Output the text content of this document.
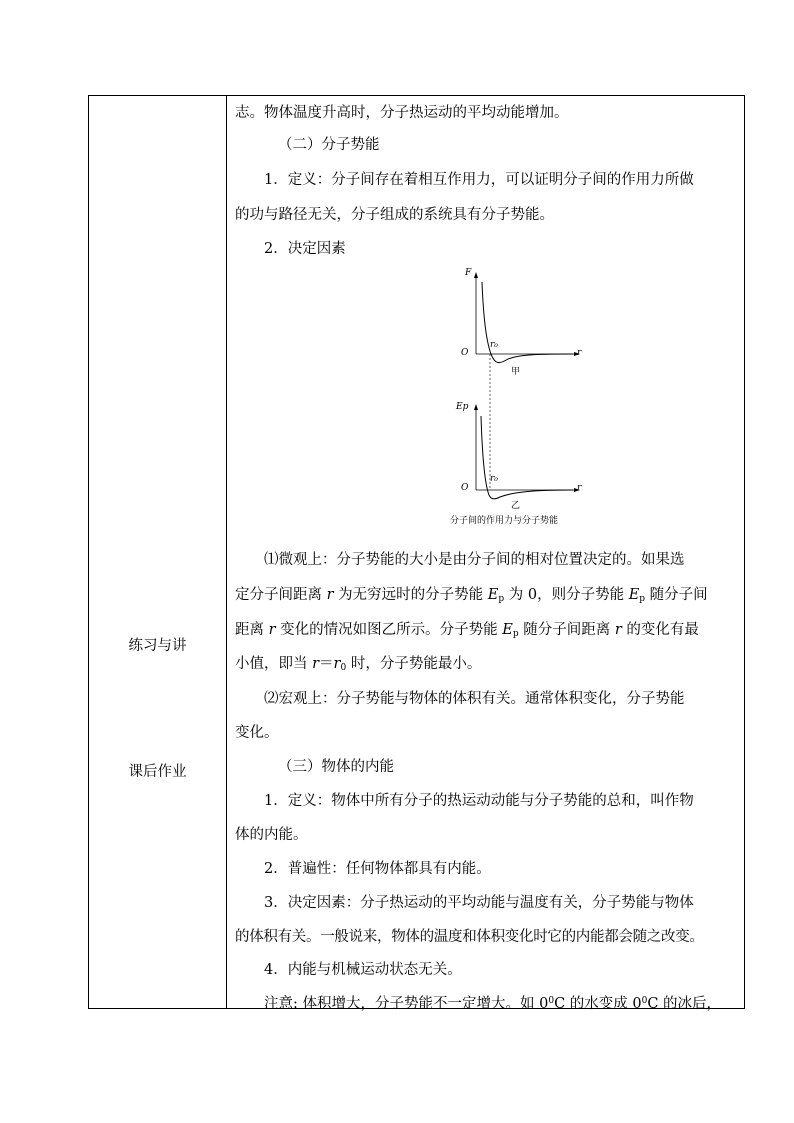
练习与讲
课后作业
志。物体温度升高时，分子热运动的平均动能增加。
（二）分子势能
1．定义：分子间存在着相互作用力，可以证明分子间的作用力所做
的功与路径无关，分子组成的系统具有分子势能。
2．决定因素
F
O
r₀
r
甲
Ep
O
r₀
r
乙
分子间的作用力与分子势能
⑴微观上：分子势能的大小是由分子间的相对位置决定的。如果选
定分子间距离 r 为无穷远时的分子势能 $E_p$ 为 0，则分子势能 $E_p$ 随分子间
距离 r 变化的情况如图乙所示。分子势能 $E_p$ 随分子间距离 r 的变化有最
小值，即当 $r=r_0$ 时，分子势能最小。
⑵宏观上：分子势能与物体的体积有关。通常体积变化，分子势能
变化。
（三）物体的内能
1．定义：物体中所有分子的热运动动能与分子势能的总和，叫作物
体的内能。
2．普遍性：任何物体都具有内能。
3．决定因素：分子热运动的平均动能与温度有关，分子势能与物体
的体积有关。一般说来，物体的温度和体积变化时它的内能都会随之改变。
4．内能与机械运动状态无关。
注意: 体积增大，分子势能不一定增大。如 $0^0C$ 的水变成 $0^0C$ 的冰后，
